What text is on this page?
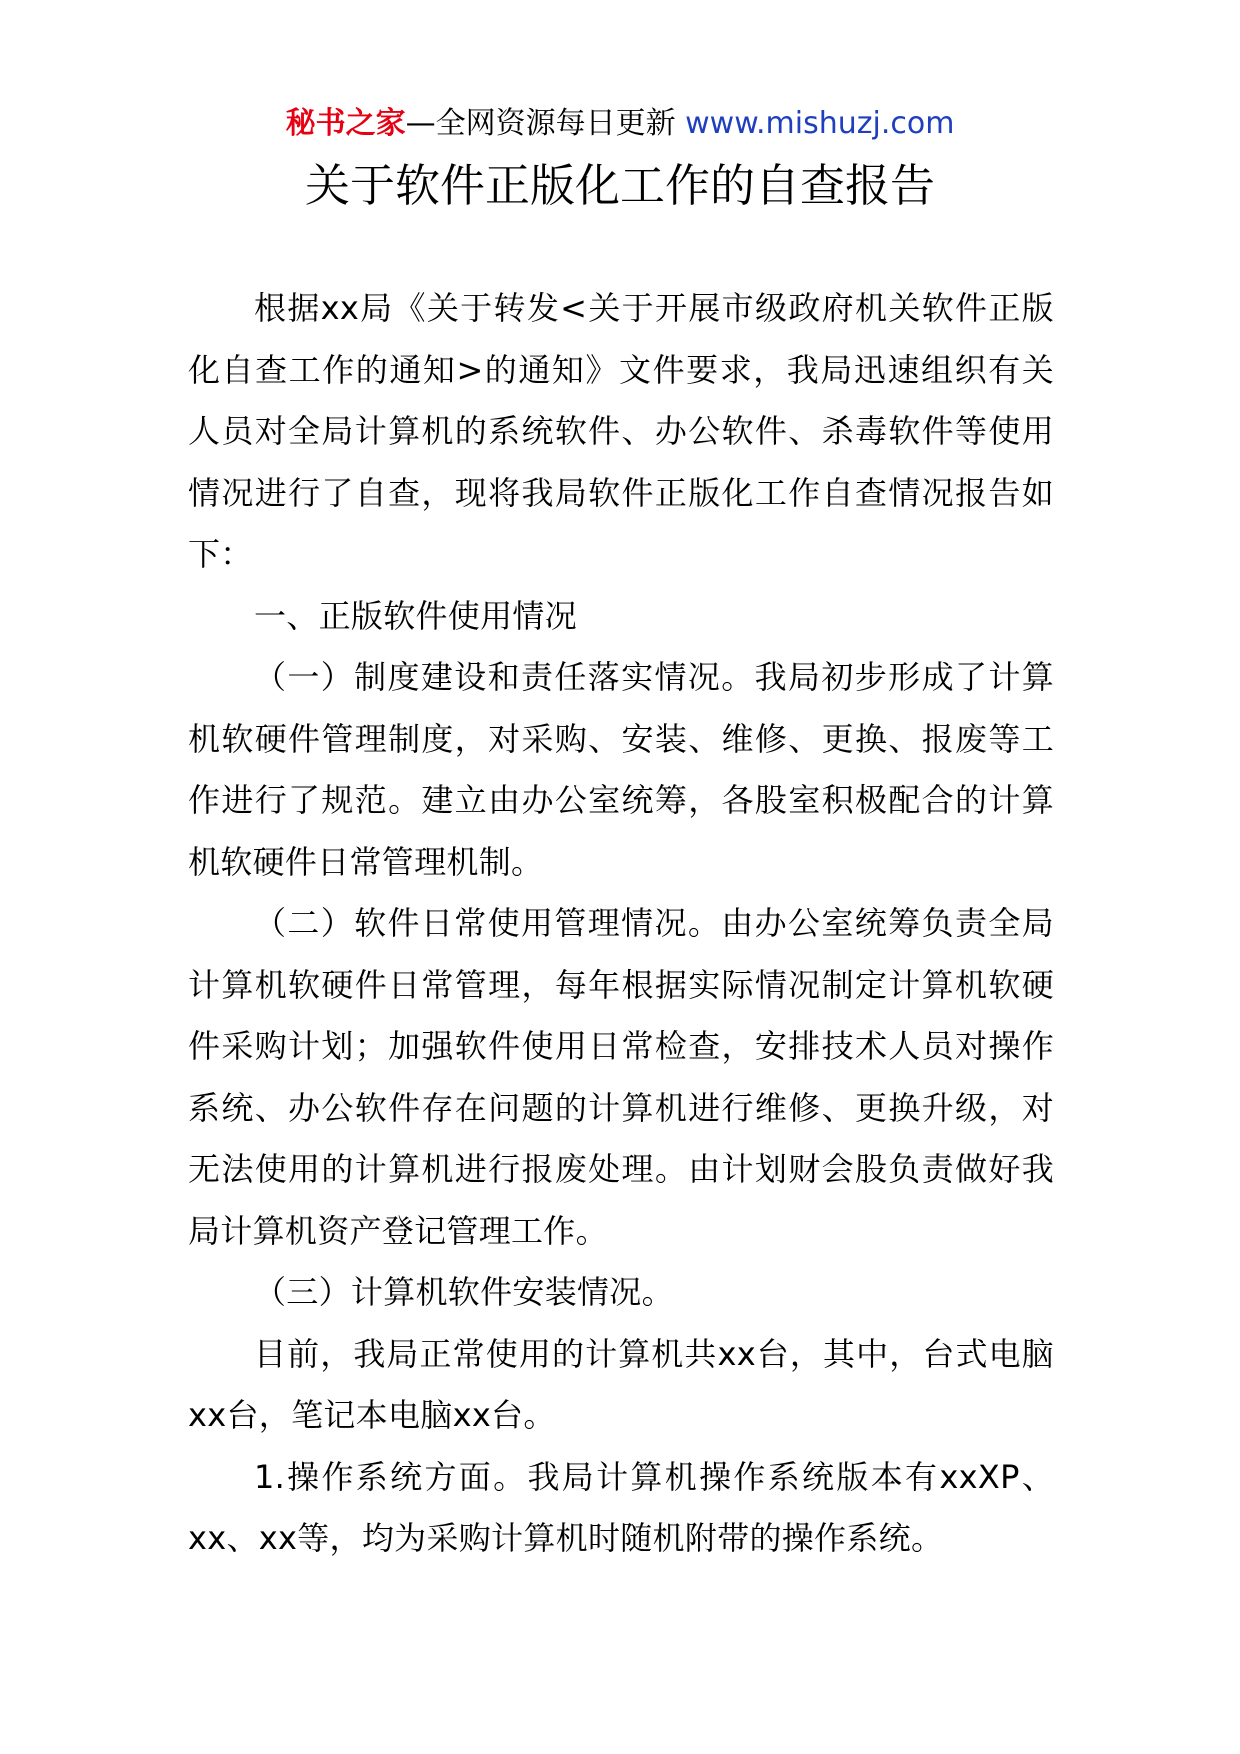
秘书之家—全网资源每日更新 www.mishuzj.com
关于软件正版化工作的自查报告

根据xx局《关于转发<关于开展市级政府机关软件正版化自查工作的通知>的通知》文件要求，我局迅速组织有关人员对全局计算机的系统软件、办公软件、杀毒软件等使用情况进行了自查，现将我局软件正版化工作自查情况报告如下：

一、正版软件使用情况

（一）制度建设和责任落实情况。我局初步形成了计算机软硬件管理制度，对采购、安装、维修、更换、报废等工作进行了规范。建立由办公室统筹，各股室积极配合的计算机软硬件日常管理机制。

（二）软件日常使用管理情况。由办公室统筹负责全局计算机软硬件日常管理，每年根据实际情况制定计算机软硬件采购计划；加强软件使用日常检查，安排技术人员对操作系统、办公软件存在问题的计算机进行维修、更换升级，对无法使用的计算机进行报废处理。由计划财会股负责做好我局计算机资产登记管理工作。

（三）计算机软件安装情况。

目前，我局正常使用的计算机共xx台，其中，台式电脑xx台，笔记本电脑xx台。

1.操作系统方面。我局计算机操作系统版本有xxXP、xx、xx等，均为采购计算机时随机附带的操作系统。
